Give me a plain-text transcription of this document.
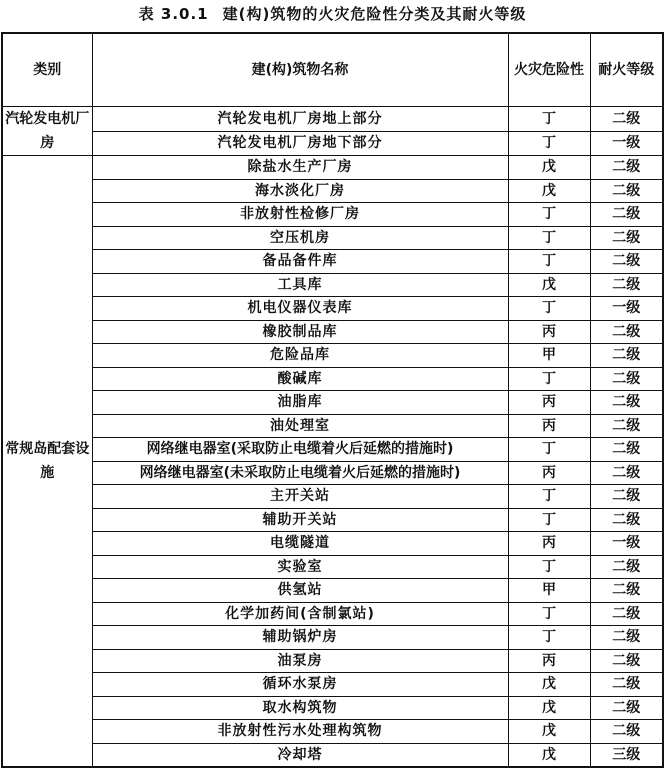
表 3.0.1 建(构)筑物的火灾危险性分类及其耐火等级
类别	建(构)筑物名称	火灾危险性	耐火等级
汽轮发电机厂房	汽轮发电机厂房地上部分	丁	二级
	汽轮发电机厂房地下部分	丁	一级
常规岛配套设施	除盐水生产厂房	戊	二级
	海水淡化厂房	戊	二级
	非放射性检修厂房	丁	二级
	空压机房	丁	二级
	备品备件库	丁	二级
	工具库	戊	二级
	机电仪器仪表库	丁	一级
	橡胶制品库	丙	二级
	危险品库	甲	二级
	酸碱库	丁	二级
	油脂库	丙	二级
	油处理室	丙	二级
	网络继电器室(采取防止电缆着火后延燃的措施时)	丁	二级
	网络继电器室(未采取防止电缆着火后延燃的措施时)	丙	二级
	主开关站	丁	二级
	辅助开关站	丁	二级
	电缆隧道	丙	一级
	实验室	丁	二级
	供氢站	甲	二级
	化学加药间(含制氯站)	丁	二级
	辅助锅炉房	丁	二级
	油泵房	丙	二级
	循环水泵房	戊	二级
	取水构筑物	戊	二级
	非放射性污水处理构筑物	戊	二级
	冷却塔	戊	三级
